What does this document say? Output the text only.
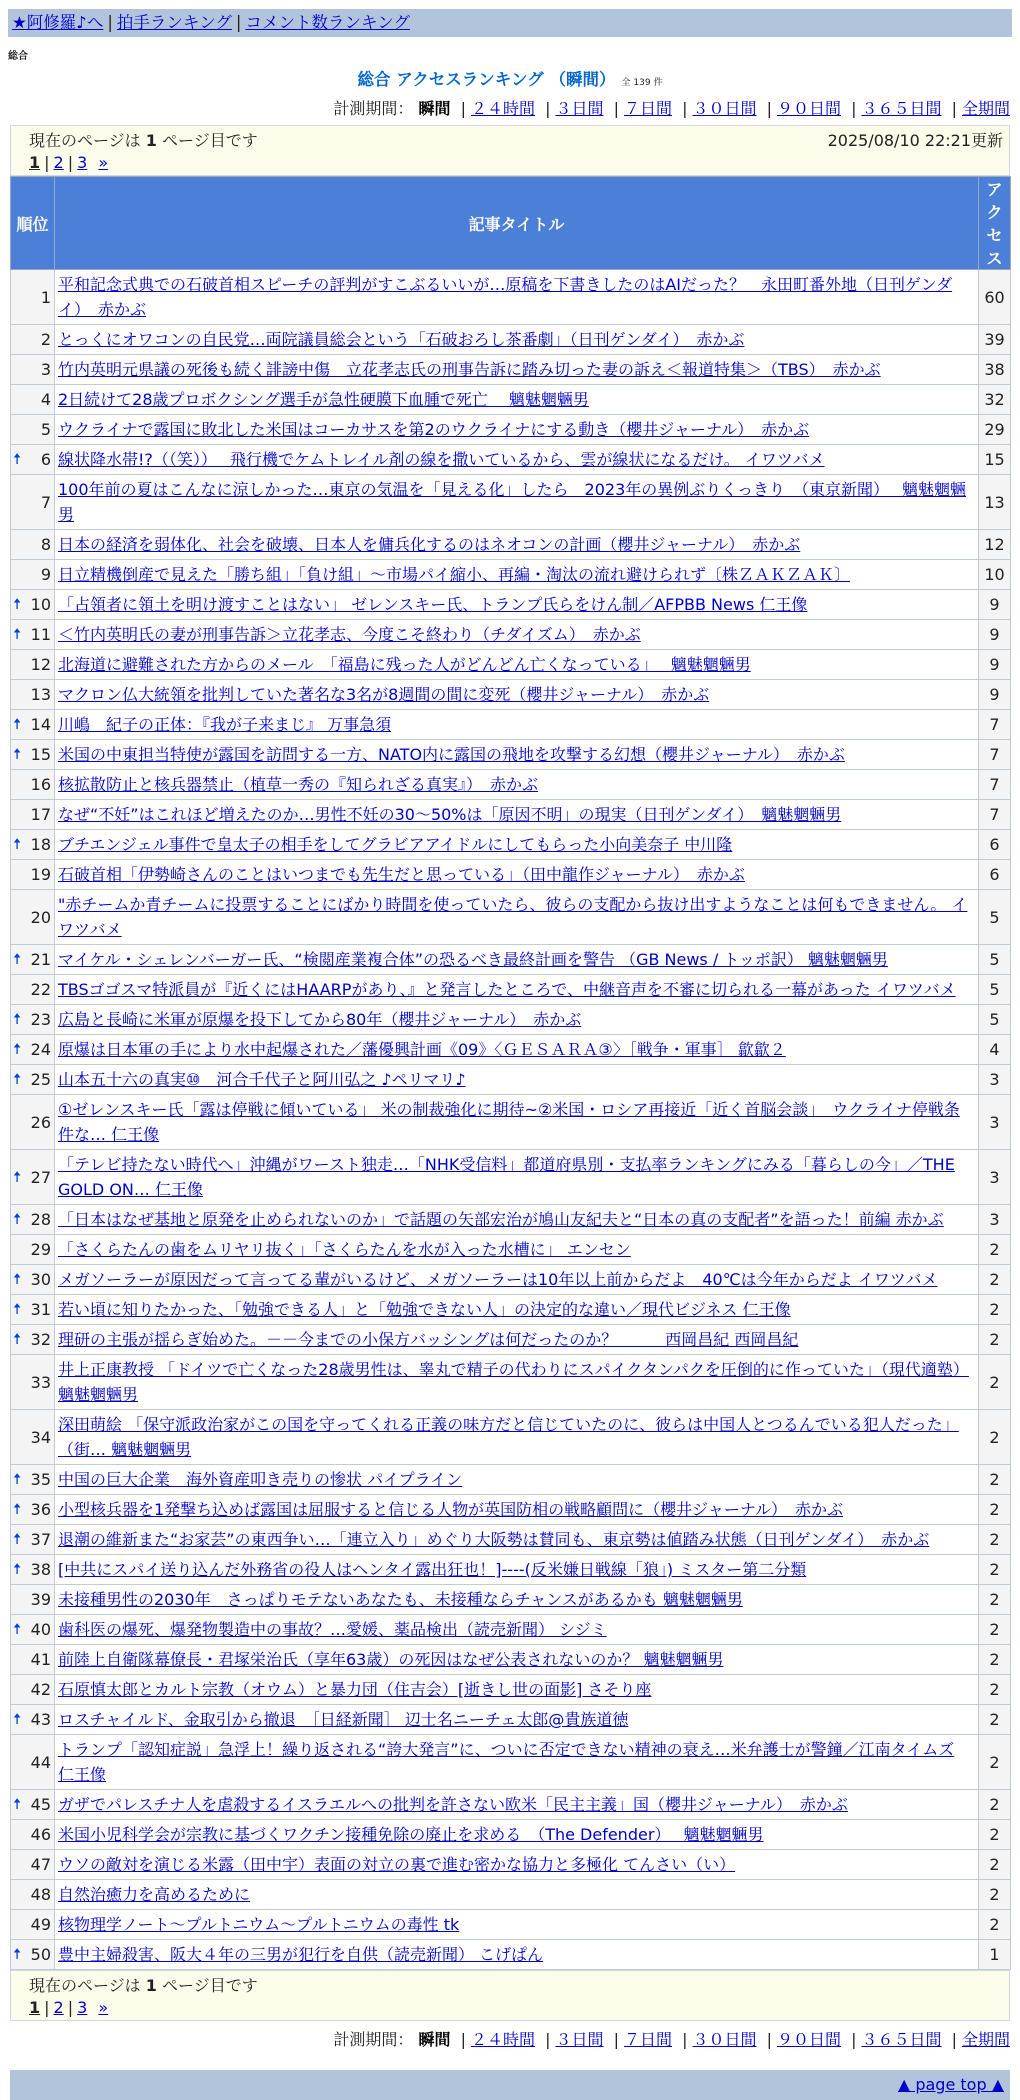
★阿修羅♪へ | 拍手ランキング | コメント数ランキング
総合
総合 アクセスランキング （瞬間） 全 139 件
計測期間： 瞬間 | ２４時間 | ３日間 | ７日間 | ３０日間 | ９０日間 | ３６５日間 | 全期間
現在のページは 1 ページ目です	2025/08/10 22:21更新
1 | 2 | 3 »
順位	記事タイトル	アクセス
1	平和記念式典での石破首相スピーチの評判がすこぶるいいが…原稿を下書きしたのはAIだった？　永田町番外地（日刊ゲンダイ）　赤かぶ	60
2	とっくにオワコンの自民党…両院議員総会という「石破おろし茶番劇」（日刊ゲンダイ）　赤かぶ	39
3	竹内英明元県議の死後も続く誹謗中傷　立花孝志氏の刑事告訴に踏み切った妻の訴え＜報道特集＞（TBS）　赤かぶ	38
4	2日続けて28歳プロボクシング選手が急性硬膜下血腫で死亡　 魑魅魍魎男	32
5	ウクライナで露国に敗北した米国はコーカサスを第2のウクライナにする動き（櫻井ジャーナル）　赤かぶ	29

🠅 6	線状降水帯!?（（笑））　 飛行機でケムトレイル剤の線を撒いているから、雲が線状になるだけ。 イワツバメ	15
7	100年前の夏はこんなに涼しかった…東京の気温を「見える化」したら　2023年の異例ぶりくっきり　（東京新聞）　 魑魅魍魎男	13
8	日本の経済を弱体化、社会を破壊、日本人を傭兵化するのはネオコンの計画（櫻井ジャーナル）　赤かぶ	12
9	日立精機倒産で見えた「勝ち組」「負け組」～市場パイ縮小、再編・淘汰の流れ避けられず〔株ＺＡＫＺＡＫ〕	10

🠅 10	「占領者に領土を明け渡すことはない」 ゼレンスキー氏、トランプ氏らをけん制／AFPBB News 仁王像	9

🠅 11	＜竹内英明氏の妻が刑事告訴＞立花孝志、今度こそ終わり（チダイズム）　赤かぶ	9
12	北海道に避難された方からのメール　「福島に残った人がどんどん亡くなっている」　 魑魅魍魎男	9
13	マクロン仏大統領を批判していた著名な3名が8週間の間に変死（櫻井ジャーナル）　赤かぶ	9

🠅 14	川嶋　紀子の正体：『我が子来まじ』 万事急須	7

🠅 15	米国の中東担当特使が露国を訪問する一方、NATO内に露国の飛地を攻撃する幻想（櫻井ジャーナル）　赤かぶ	7
16	核拡散防止と核兵器禁止（植草一秀の『知られざる真実』）　赤かぶ	7
17	なぜ“不妊”はこれほど増えたのか…男性不妊の30～50%は「原因不明」の現実（日刊ゲンダイ）　魑魅魍魎男	7

🠅 18	ブチエンジェル事件で皇太子の相手をしてグラビアアイドルにしてもらった小向美奈子 中川隆	6
19	石破首相「伊勢崎さんのことはいつまでも先生だと思っている」（田中龍作ジャーナル）　赤かぶ	6
20	"赤チームか青チームに投票することにばかり時間を使っていたら、彼らの支配から抜け出すようなことは何もできません。 イワツバメ	5

🠅 21	マイケル・シェレンバーガー氏、“検閲産業複合体”の恐るべき最終計画を警告 （GB News / トッポ訳） 魑魅魍魎男	5
22	TBSゴゴスマ特派員が『近くにはHAARPがあり、』と発言したところで、中継音声を不審に切られる一幕があった イワツバメ	5

🠅 23	広島と長崎に米軍が原爆を投下してから80年（櫻井ジャーナル）　赤かぶ	5

🠅 24	原爆は日本軍の手により水中起爆された／藩優興計画《09》〈ＧＥＳＡＲＡ③〉［戦争・軍事］ 歙歙２	4

🠅 25	山本五十六の真実⑩　河合千代子と阿川弘之 ♪ペリマリ♪	3
26	①ゼレンスキー氏「露は停戦に傾いている」 米の制裁強化に期待~②米国・ロシア再接近「近く首脳会談」　ウクライナ停戦条件な… 仁王像	3

🠅 27	「テレビ持たない時代へ」沖縄がワースト独走…「NHK受信料」都道府県別・支払率ランキングにみる「暮らしの今」／THE GOLD ON… 仁王像	3

🠅 28	「日本はなぜ基地と原発を止められないのか」で話題の矢部宏治が鳩山友紀夫と“日本の真の支配者”を語った！前編 赤かぶ	3
29	「さくらたんの歯をムリヤリ抜く」「さくらたんを水が入った水槽に」 エンセン	2

🠅 30	メガソーラーが原因だって言ってる輩がいるけど、メガソーラーは10年以上前からだよ　40℃は今年からだよ イワツバメ	2

🠅 31	若い頃に知りたかった、「勉強できる人」と「勉強できない人」の決定的な違い／現代ビジネス 仁王像	2

🠅 32	理研の主張が揺らぎ始めた。－－今までの小保方バッシングは何だったのか？　　　西岡昌紀 西岡昌紀	2
33	井上正康教授 「ドイツで亡くなった28歳男性は、睾丸で精子の代わりにスパイクタンパクを圧倒的に作っていた」（現代適塾） 魑魅魍魎男	2
34	深田萌絵 「保守派政治家がこの国を守ってくれる正義の味方だと信じていたのに、彼らは中国人とつるんでいる犯人だった」（街… 魑魅魍魎男	2

🠅 35	中国の巨大企業　海外資産叩き売りの惨状 パイプライン	2

🠅 36	小型核兵器を1発撃ち込めば露国は屈服すると信じる人物が英国防相の戦略顧問に（櫻井ジャーナル）　赤かぶ	2

🠅 37	退潮の維新また“お家芸”の東西争い…「連立入り」めぐり大阪勢は賛同も、東京勢は値踏み状態（日刊ゲンダイ）　赤かぶ	2

🠅 38	[中共にスパイ送り込んだ外務省の役人はヘンタイ露出狂也！]----(反米嫌日戦線「狼」) ミスター第二分類	2
39	未接種男性の2030年　さっぱりモテないあなたも、未接種ならチャンスがあるかも 魑魅魍魎男	2

🠅 40	歯科医の爆死、爆発物製造中の事故？…愛媛、薬品検出（読売新聞） シジミ	2
41	前陸上自衛隊幕僚長・君塚栄治氏（享年63歳）の死因はなぜ公表されないのか？ 魑魅魍魎男	2
42	石原慎太郎とカルト宗教（オウム）と暴力団（住吉会）[逝きし世の面影] さそり座	2

🠅 43	ロスチャイルド、金取引から撤退　［日経新聞］ 辺士名ニーチェ太郎@貴族道徳	2
44	トランプ「認知症説」急浮上！繰り返される“誇大発言”に、ついに否定できない精神の衰え…米弁護士が警鐘／江南タイムズ 仁王像	2

🠅 45	ガザでパレスチナ人を虐殺するイスラエルへの批判を許さない欧米「民主主義」国（櫻井ジャーナル）　赤かぶ	2
46	米国小児科学会が宗教に基づくワクチン接種免除の廃止を求める　（The Defender）　 魑魅魍魎男	2
47	ウソの敵対を演じる米露（田中宇）表面の対立の裏で進む密かな協力と多極化 てんさい（い）	2
48	自然治癒力を高めるために	2
49	核物理学ノート～プルトニウム～プルトニウムの毒性 tk	2

🠅 50	豊中主婦殺害、阪大４年の三男が犯行を自供（読売新聞） こげぱん	1
現在のページは 1 ページ目です
1 | 2 | 3 »
計測期間： 瞬間 | ２４時間 | ３日間 | ７日間 | ３０日間 | ９０日間 | ３６５日間 | 全期間
▲ page top ▲
